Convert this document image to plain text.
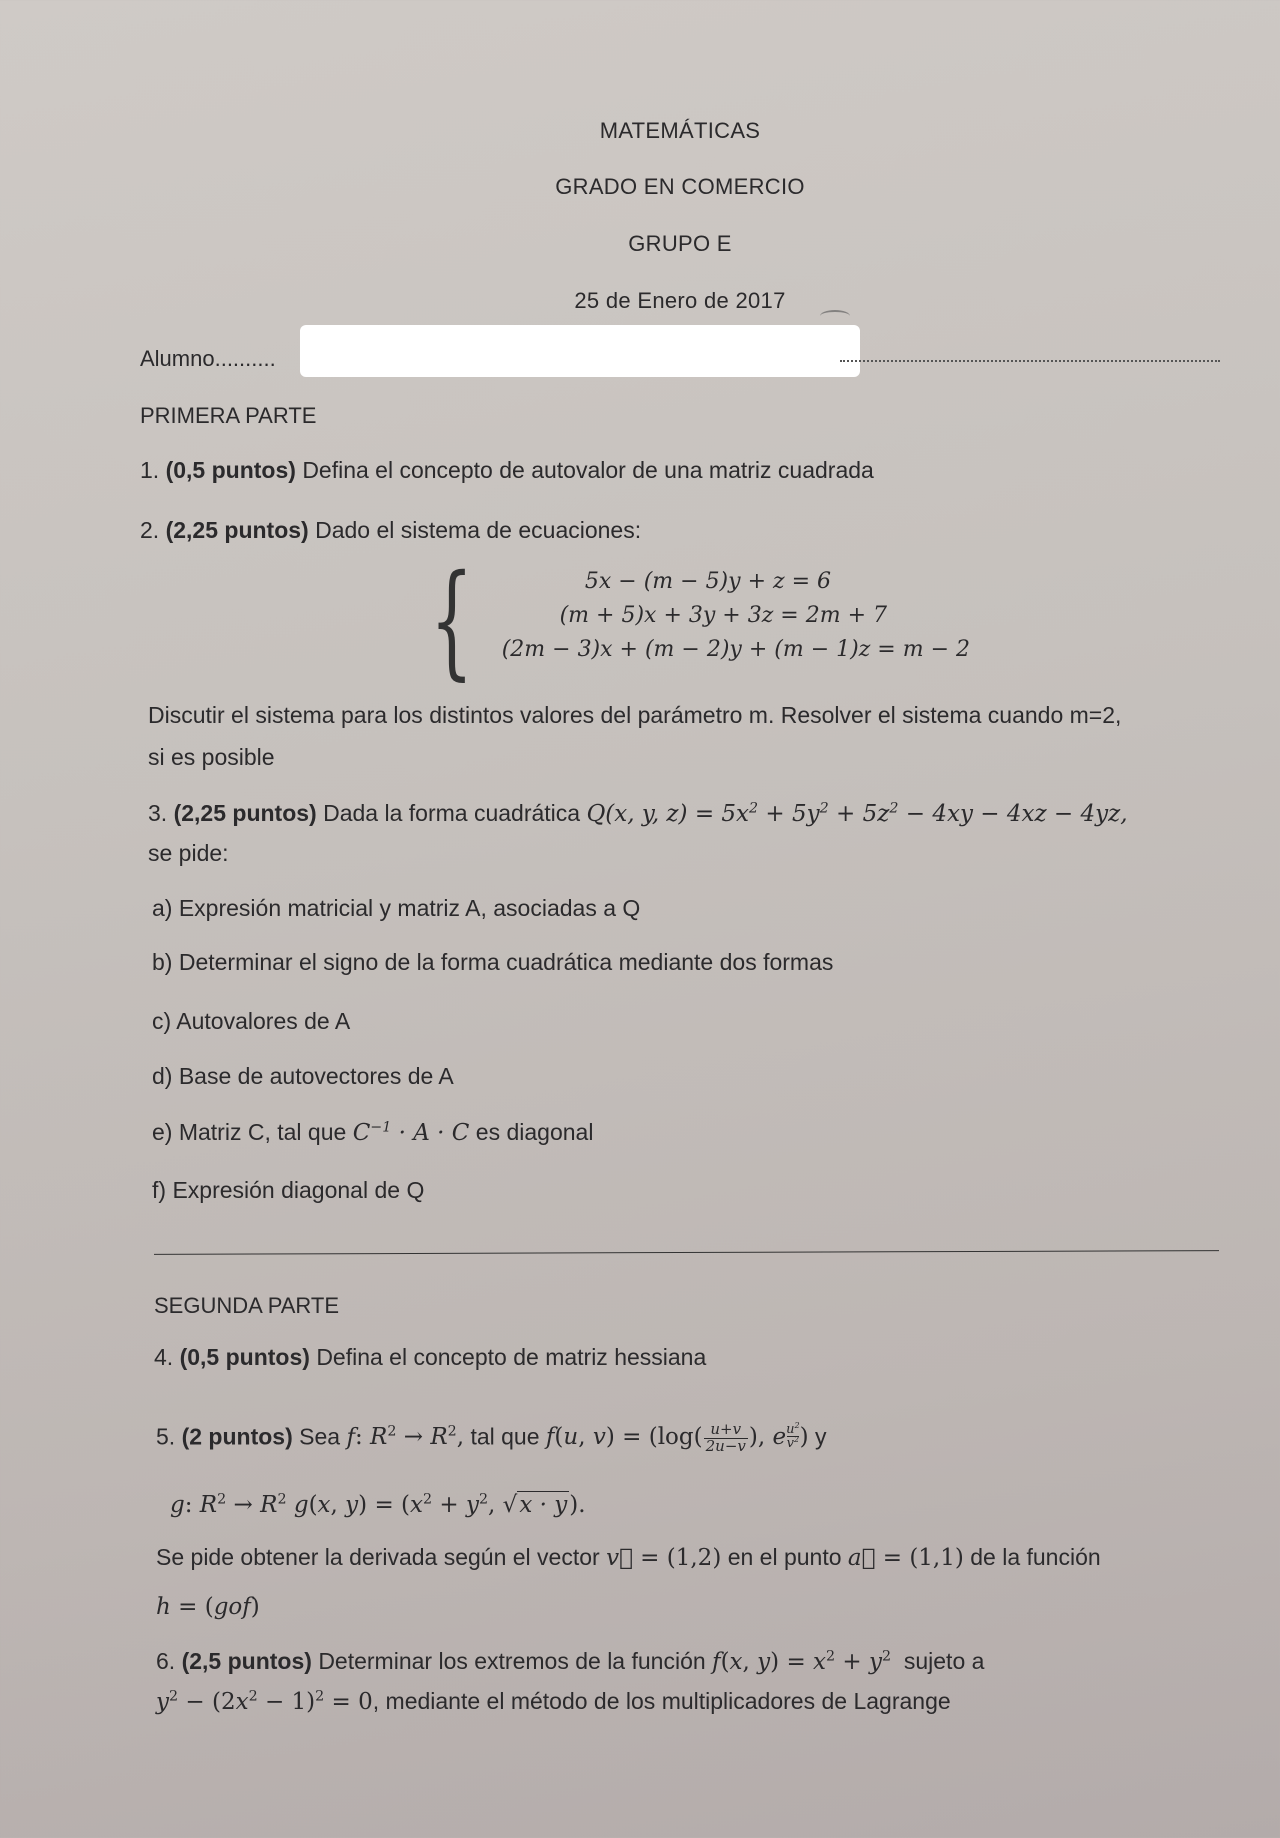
MATEMÁTICAS
GRADO EN COMERCIO
GRUPO E
25 de Enero de 2017
Alumno..........
PRIMERA PARTE
1. (0,5 puntos) Defina el concepto de autovalor de una matriz cuadrada
2. (2,25 puntos) Dado el sistema de ecuaciones:
{	5x − (m − 5)y + z = 6
(m + 5)x + 3y + 3z = 2m + 7
(2m − 3)x + (m − 2)y + (m − 1)z = m − 2
Discutir el sistema para los distintos valores del parámetro m. Resolver el sistema cuando m=2,
si es posible
3. (2,25 puntos) Dada la forma cuadrática Q(x, y, $z) = 5x^2 + 5y^2 + 5z^2 - 4xy - 4xz - 4yz$,
se pide:
a) Expresión matricial y matriz A, asociadas a Q
b) Determinar el signo de la forma cuadrática mediante dos formas
c) Autovalores de A
d) Base de autovectores de A
e) Matriz C, tal que $C^{-1} \cdot A \cdot C$ es diagonal
f) Expresión diagonal de Q
SEGUNDA PARTE
4. (0,5 puntos) Defina el concepto de matriz hessiana
5. (2 puntos) Sea f: $R^2 \to R^2$, tal que f(u, $v) = (\log( \frac{u+v}{2u-v}$ ), e $\frac{u^2}{v^2}$ ) y
g: $R^2 \to R^2$ g(x, $y) = (x^2 + y^2$, √x · y).
Se pide obtener la derivada según el vector v⃗ = (1,2) en el punto a⃗ = (1,1) de la función
h = (gof)
6. (2,5 puntos) Determinar los extremos de la función f(x, $y) = x^2 + y^2$ sujeto a
$y^2 - (2x^2 - 1)^2 = 0$, mediante el método de los multiplicadores de Lagrange
